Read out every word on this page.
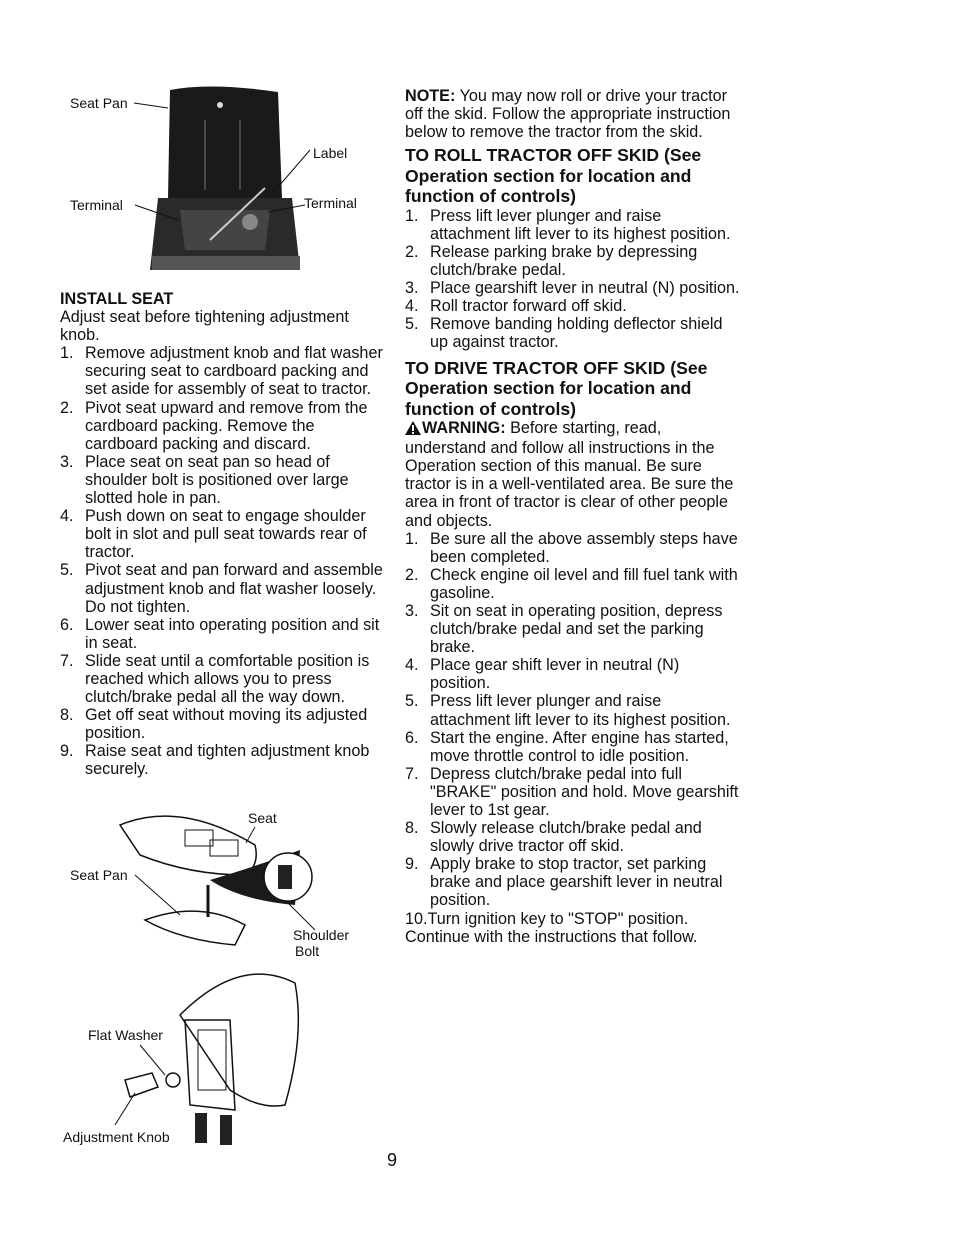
Seat Pan
Label
Terminal	Terminal
INSTALL SEAT
Adjust seat before tightening adjustment knob.
1. Remove adjustment knob and flat washer securing seat to cardboard packing and set aside for assembly of seat to tractor.
2. Pivot seat upward and remove from the cardboard packing. Remove the cardboard packing and discard.
3. Place seat on seat pan so head of shoulder bolt is positioned over large slotted hole in pan.
4. Push down on seat to engage shoulder bolt in slot and pull seat towards rear of tractor.
5. Pivot seat and pan forward and assemble adjustment knob and flat washer loosely. Do not tighten.
6. Lower seat into operating position and sit in seat.
7. Slide seat until a comfortable position is reached which allows you to press clutch/brake pedal all the way down.
8. Get off seat without moving its adjusted position.
9. Raise seat and tighten adjustment knob securely.
Seat
Seat Pan
Shoulder
Bolt
Flat Washer
Adjustment Knob
NOTE: You may now roll or drive your tractor off the skid. Follow the appropriate instruction below to remove the tractor from the skid.
TO ROLL TRACTOR OFF SKID (See Operation section for location and function of controls)
1. Press lift lever plunger and raise attachment lift lever to its highest position.
2. Release parking brake by depressing clutch/brake pedal.
3. Place gearshift lever in neutral (N) position.
4. Roll tractor forward off skid.
5. Remove banding holding deflector shield up against tractor.
TO DRIVE TRACTOR OFF SKID (See Operation section for location and function of controls)
WARNING: Before starting, read, understand and follow all instructions in the Operation section of this manual. Be sure tractor is in a well-ventilated area. Be sure the area in front of tractor is clear of other people and objects.
1. Be sure all the above assembly steps have been completed.
2. Check engine oil level and fill fuel tank with gasoline.
3. Sit on seat in operating position, depress clutch/brake pedal and set the parking brake.
4. Place gear shift lever in neutral (N) position.
5. Press lift lever plunger and raise attachment lift lever to its highest position.
6. Start the engine. After engine has started, move throttle control to idle position.
7. Depress clutch/brake pedal into full "BRAKE" position and hold. Move gearshift lever to 1st gear.
8. Slowly release clutch/brake pedal and slowly drive tractor off skid.
9. Apply brake to stop tractor, set parking brake and place gearshift lever in neutral position.
10.Turn ignition key to "STOP" position.
Continue with the instructions that follow.
9
